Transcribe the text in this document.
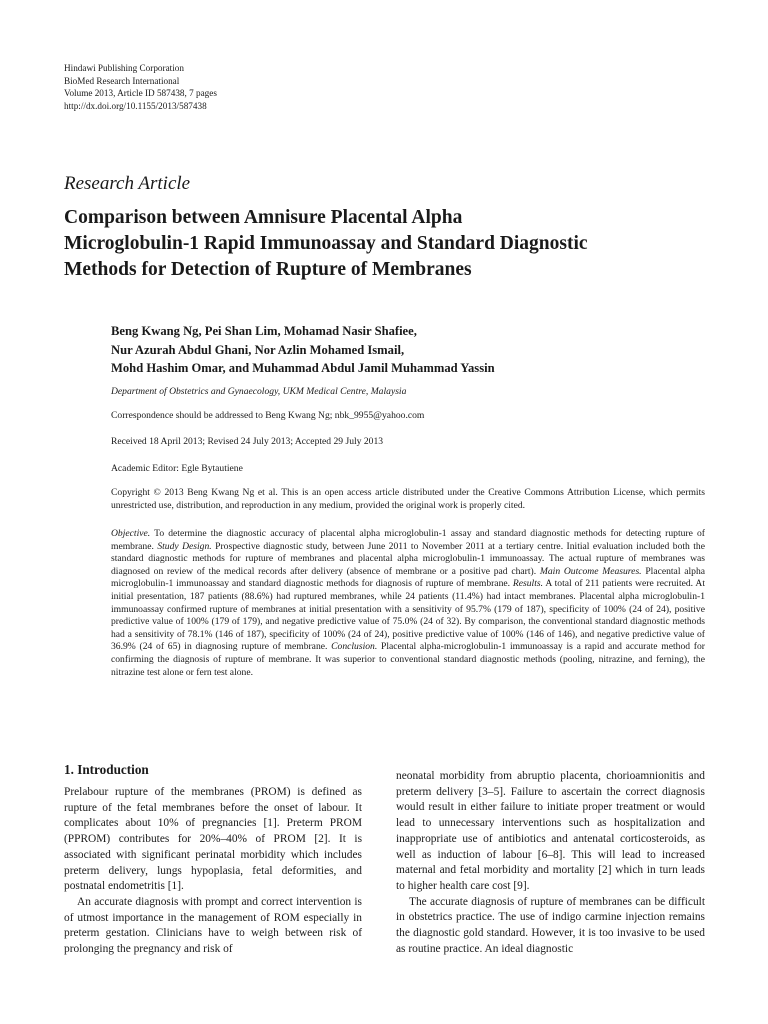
Hindawi Publishing Corporation
BioMed Research International
Volume 2013, Article ID 587438, 7 pages
http://dx.doi.org/10.1155/2013/587438
Research Article
Comparison between Amnisure Placental Alpha
Microglobulin-1 Rapid Immunoassay and Standard Diagnostic
Methods for Detection of Rupture of Membranes
Beng Kwang Ng, Pei Shan Lim, Mohamad Nasir Shafiee,
Nur Azurah Abdul Ghani, Nor Azlin Mohamed Ismail,
Mohd Hashim Omar, and Muhammad Abdul Jamil Muhammad Yassin
Department of Obstetrics and Gynaecology, UKM Medical Centre, Malaysia
Correspondence should be addressed to Beng Kwang Ng; nbk_9955@yahoo.com
Received 18 April 2013; Revised 24 July 2013; Accepted 29 July 2013
Academic Editor: Egle Bytautiene
Copyright © 2013 Beng Kwang Ng et al. This is an open access article distributed under the Creative Commons Attribution License, which permits unrestricted use, distribution, and reproduction in any medium, provided the original work is properly cited.
Objective. To determine the diagnostic accuracy of placental alpha microglobulin-1 assay and standard diagnostic methods for detecting rupture of membrane. Study Design. Prospective diagnostic study, between June 2011 to November 2011 at a tertiary centre. Initial evaluation included both the standard diagnostic methods for rupture of membranes and placental alpha microglobulin-1 immunoassay. The actual rupture of membranes was diagnosed on review of the medical records after delivery (absence of membrane or a positive pad chart). Main Outcome Measures. Placental alpha microglobulin-1 immunoassay and standard diagnostic methods for diagnosis of rupture of membrane. Results. A total of 211 patients were recruited. At initial presentation, 187 patients (88.6%) had ruptured membranes, while 24 patients (11.4%) had intact membranes. Placental alpha microglobulin-1 immunoassay confirmed rupture of membranes at initial presentation with a sensitivity of 95.7% (179 of 187), specificity of 100% (24 of 24), positive predictive value of 100% (179 of 179), and negative predictive value of 75.0% (24 of 32). By comparison, the conventional standard diagnostic methods had a sensitivity of 78.1% (146 of 187), specificity of 100% (24 of 24), positive predictive value of 100% (146 of 146), and negative predictive value of 36.9% (24 of 65) in diagnosing rupture of membrane. Conclusion. Placental alpha-microglobulin-1 immunoassay is a rapid and accurate method for confirming the diagnosis of rupture of membrane. It was superior to conventional standard diagnostic methods (pooling, nitrazine, and ferning), the nitrazine test alone or fern test alone.
1. Introduction

Prelabour rupture of the membranes (PROM) is defined as rupture of the fetal membranes before the onset of labour. It complicates about 10% of pregnancies [1]. Preterm PROM (PPROM) contributes for 20%–40% of PROM [2]. It is associated with significant perinatal morbidity which includes preterm delivery, lungs hypoplasia, fetal deformities, and postnatal endometritis [1].

An accurate diagnosis with prompt and correct intervention is of utmost importance in the management of ROM especially in preterm gestation. Clinicians have to weigh between risk of prolonging the pregnancy and risk of

neonatal morbidity from abruptio placenta, chorioamnionitis and preterm delivery [3–5]. Failure to ascertain the correct diagnosis would result in either failure to initiate proper treatment or would lead to unnecessary interventions such as hospitalization and inappropriate use of antibiotics and antenatal corticosteroids, as well as induction of labour [6–8]. This will lead to increased maternal and fetal morbidity and mortality [2] which in turn leads to higher health care cost [9].

The accurate diagnosis of rupture of membranes can be difficult in obstetrics practice. The use of indigo carmine injection remains the diagnostic gold standard. However, it is too invasive to be used as routine practice. An ideal diagnostic
